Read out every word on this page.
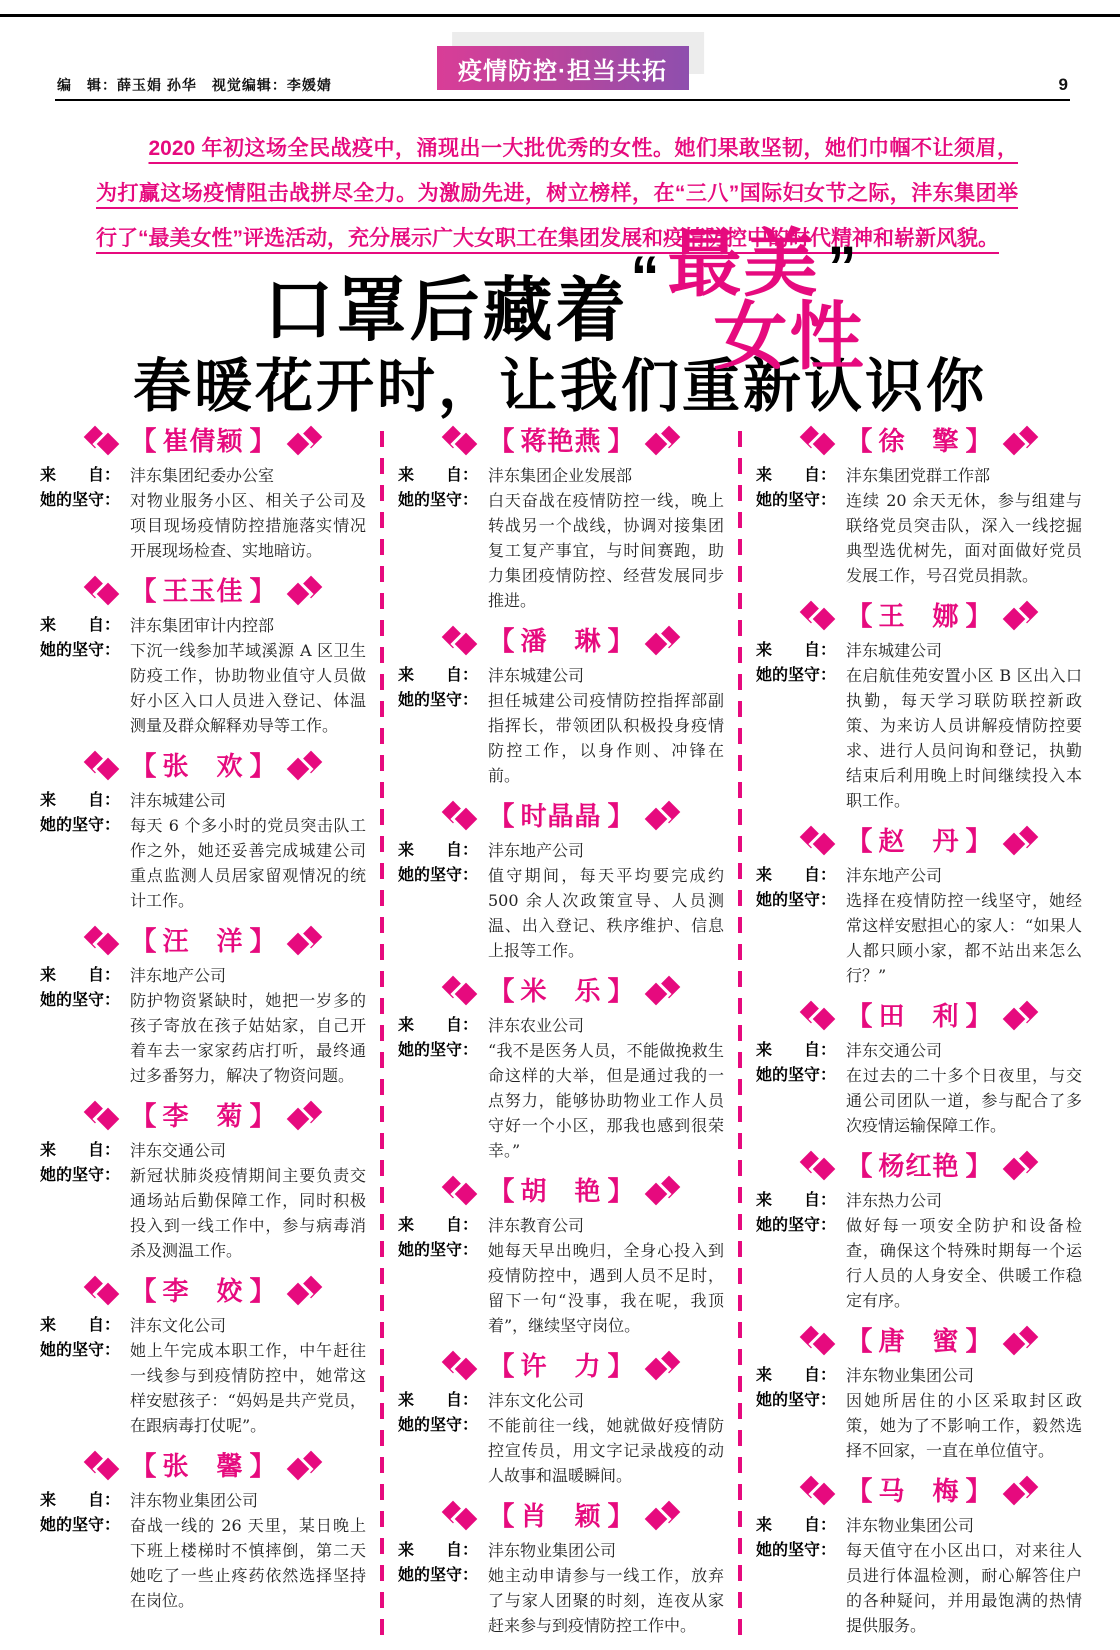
编　辑：薛玉娟 孙华　视觉编辑：李媛婧
疫情防控·担当共拓	9
2020 年初这场全民战疫中，涌现出一大批优秀的女性。她们果敢坚韧，她们巾帼不让须眉，为打赢这场疫情阻击战拼尽全力。为激励先进，树立榜样，在“三八”国际妇女节之际，沣东集团举行了“最美女性”评选活动，充分展示广大女职工在集团发展和疫情防控中的时代精神和崭新风貌。
口罩后藏着 “ 最美
女性
”
春暖花开时，让我们重新认识你
【 崔倩颖 】
来　　自： 沣东集团纪委办公室
她的坚守： 对物业服务小区、相关子公司及项目现场疫情防控措施落实情况开展现场检查、实地暗访。
【 王玉佳 】
来　　自： 沣东集团审计内控部
她的坚守： 下沉一线参加芊域溪源 A 区卫生防疫工作，协助物业值守人员做好小区入口人员进入登记、体温测量及群众解释劝导等工作。
【 张　欢 】
来　　自： 沣东城建公司
她的坚守： 每天 6 个多小时的党员突击队工作之外，她还妥善完成城建公司重点监测人员居家留观情况的统计工作。
【 汪　洋 】
来　　自： 沣东地产公司
她的坚守： 防护物资紧缺时，她把一岁多的孩子寄放在孩子姑姑家，自己开着车去一家家药店打听，最终通过多番努力，解决了物资问题。
【 李　菊 】
来　　自： 沣东交通公司
她的坚守： 新冠状肺炎疫情期间主要负责交通场站后勤保障工作，同时积极投入到一线工作中，参与病毒消杀及测温工作。
【 李　姣 】
来　　自： 沣东文化公司
她的坚守： 她上午完成本职工作，中午赶往一线参与到疫情防控中，她常这样安慰孩子：“妈妈是共产党员，在跟病毒打仗呢”。
【 张　馨 】
来　　自： 沣东物业集团公司
她的坚守： 奋战一线的 26 天里，某日晚上下班上楼梯时不慎摔倒，第二天她吃了一些止疼药依然选择坚持在岗位。
【 蒋艳燕 】
来　　自： 沣东集团企业发展部
她的坚守： 白天奋战在疫情防控一线，晚上转战另一个战线，协调对接集团复工复产事宜，与时间赛跑，助力集团疫情防控、经营发展同步推进。
【 潘　琳 】
来　　自： 沣东城建公司
她的坚守： 担任城建公司疫情防控指挥部副指挥长，带领团队积极投身疫情防控工作，以身作则、冲锋在前。
【 时晶晶 】
来　　自： 沣东地产公司
她的坚守： 值守期间，每天平均要完成约 500 余人次政策宣导、人员测温、出入登记、秩序维护、信息上报等工作。
【 米　乐 】
来　　自： 沣东农业公司
她的坚守： “我不是医务人员，不能做挽救生命这样的大举，但是通过我的一点努力，能够协助物业工作人员守好一个小区，那我也感到很荣幸。”
【 胡　艳 】
来　　自： 沣东教育公司
她的坚守： 她每天早出晚归，全身心投入到疫情防控中，遇到人员不足时，留下一句“没事，我在呢，我顶着”，继续坚守岗位。
【 许　力 】
来　　自： 沣东文化公司
她的坚守： 不能前往一线，她就做好疫情防控宣传员，用文字记录战疫的动人故事和温暖瞬间。
【 肖　颖 】
来　　自： 沣东物业集团公司
她的坚守： 她主动申请参与一线工作，放弃了与家人团聚的时刻，连夜从家赶来参与到疫情防控工作中。
【 徐　擎 】
来　　自： 沣东集团党群工作部
她的坚守： 连续 20 余天无休，参与组建与联络党员突击队，深入一线挖掘典型选优树先，面对面做好党员发展工作，号召党员捐款。
【 王　娜 】
来　　自： 沣东城建公司
她的坚守： 在启航佳苑安置小区 B 区出入口执勤，每天学习联防联控新政策、为来访人员讲解疫情防控要求、进行人员问询和登记，执勤结束后利用晚上时间继续投入本职工作。
【 赵　丹 】
来　　自： 沣东地产公司
她的坚守： 选择在疫情防控一线坚守，她经常这样安慰担心的家人：“如果人人都只顾小家，都不站出来怎么行？”
【 田　利 】
来　　自： 沣东交通公司
她的坚守： 在过去的二十多个日夜里，与交通公司团队一道，参与配合了多次疫情运输保障工作。
【 杨红艳 】
来　　自： 沣东热力公司
她的坚守： 做好每一项安全防护和设备检查，确保这个特殊时期每一个运行人员的人身安全、供暖工作稳定有序。
【 唐　蜜 】
来　　自： 沣东物业集团公司
她的坚守： 因她所居住的小区采取封区政策，她为了不影响工作，毅然选择不回家，一直在单位值守。
【 马　梅 】
来　　自： 沣东物业集团公司
她的坚守： 每天值守在小区出口，对来往人员进行体温检测，耐心解答住户的各种疑问，并用最饱满的热情提供服务。
